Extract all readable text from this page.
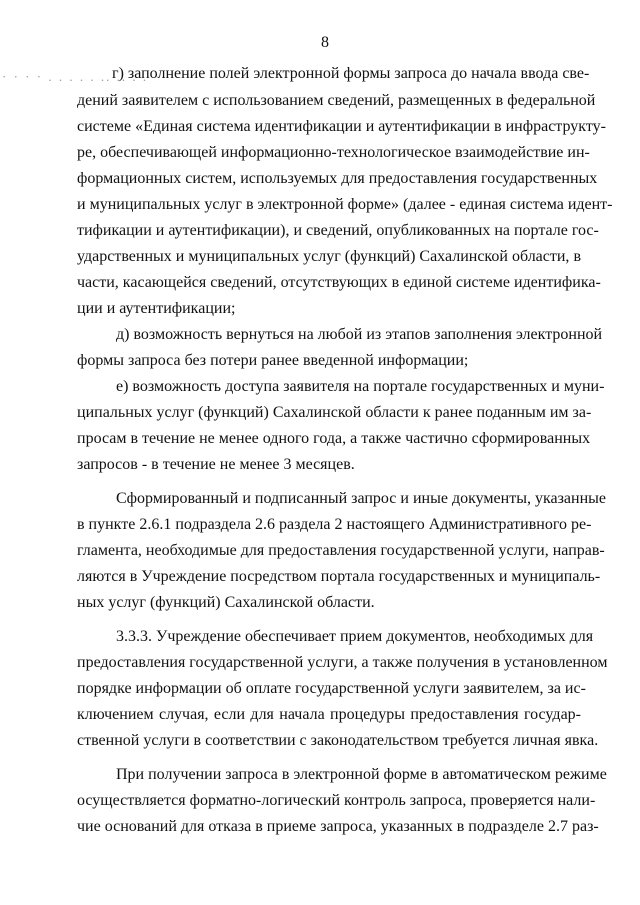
8
· · · · . . . . . .. .. . .
г) заполнение полей электронной формы запроса до начала ввода све-
дений заявителем с использованием сведений, размещенных в федеральной
системе «Единая система идентификации и аутентификации в инфраструкту-
ре, обеспечивающей информационно-технологическое взаимодействие ин-
формационных систем, используемых для предоставления государственных
и муниципальных услуг в электронной форме» (далее - единая система идент-
тификации и аутентификации), и сведений, опубликованных на портале гос-
ударственных и муниципальных услуг (функций) Сахалинской области, в
части, касающейся сведений, отсутствующих в единой системе идентифика-
ции и аутентификации;
д) возможность вернуться на любой из этапов заполнения электронной
формы запроса без потери ранее введенной информации;
е) возможность доступа заявителя на портале государственных и муни-
ципальных услуг (функций) Сахалинской области к ранее поданным им за-
просам в течение не менее одного года, а также частично сформированных
запросов - в течение не менее 3 месяцев.
Сформированный и подписанный запрос и иные документы, указанные
в пункте 2.6.1 подраздела 2.6 раздела 2 настоящего Административного ре-
гламента, необходимые для предоставления государственной услуги, направ-
ляются в Учреждение посредством портала государственных и муниципаль-
ных услуг (функций) Сахалинской области.
3.3.3. Учреждение обеспечивает прием документов, необходимых для
предоставления государственной услуги, а также получения в установленном
порядке информации об оплате государственной услуги заявителем, за ис-
ключением случая, если для начала процедуры предоставления государ-
ственной услуги в соответствии с законодательством требуется личная явка.
При получении запроса в электронной форме в автоматическом режиме
осуществляется форматно-логический контроль запроса, проверяется нали-
чие оснований для отказа в приеме запроса, указанных в подразделе 2.7 раз-
